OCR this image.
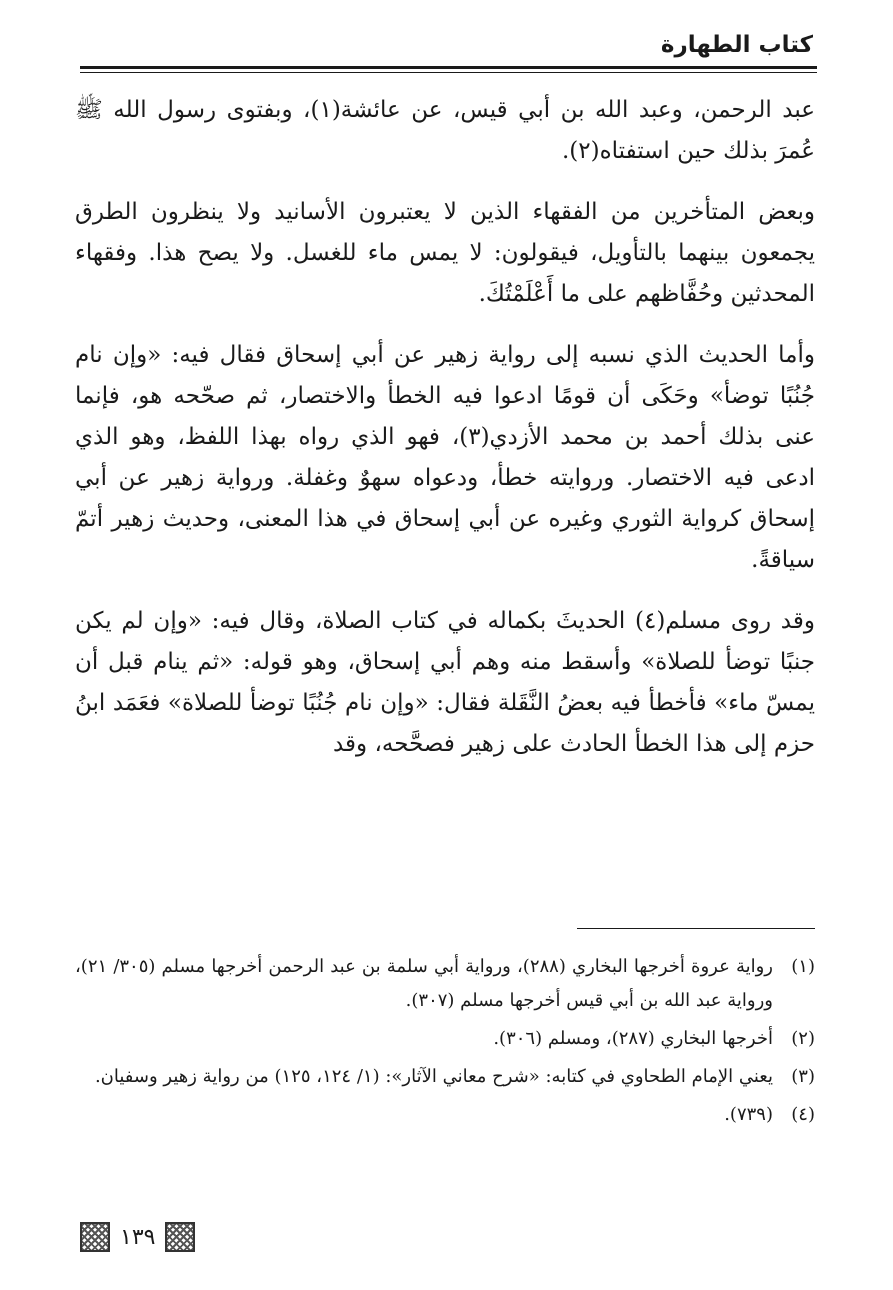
كتاب الطهارة

عبد الرحمن، وعبد الله بن أبي قيس، عن عائشة(١)، وبفتوى رسول الله ﷺ عُمرَ بذلك حين استفتاه(٢).

وبعض المتأخرين من الفقهاء الذين لا يعتبرون الأسانيد ولا ينظرون الطرق يجمعون بينهما بالتأويل، فيقولون: لا يمس ماء للغسل. ولا يصح هذا. وفقهاء المحدثين وحُفَّاظهم على ما أَعْلَمْتُكَ.

وأما الحديث الذي نسبه إلى رواية زهير عن أبي إسحاق فقال فيه: «وإن نام جُنُبًا توضأ» وحَكَى أن قومًا ادعوا فيه الخطأ والاختصار، ثم صحّحه هو، فإنما عنى بذلك أحمد بن محمد الأزدي(٣)، فهو الذي رواه بهذا اللفظ، وهو الذي ادعى فيه الاختصار. وروايته خطأ، ودعواه سهوٌ وغفلة. ورواية زهير عن أبي إسحاق كرواية الثوري وغيره عن أبي إسحاق في هذا المعنى، وحديث زهير أتمّ سياقةً.

وقد روى مسلم(٤) الحديثَ بكماله في كتاب الصلاة، وقال فيه: «وإن لم يكن جنبًا توضأ للصلاة» وأسقط منه وهم أبي إسحاق، وهو قوله: «ثم ينام قبل أن يمسّ ماء» فأخطأ فيه بعضُ النَّقَلة فقال: «وإن نام جُنُبًا توضأ للصلاة» فعَمَد ابنُ حزم إلى هذا الخطأ الحادث على زهير فصحَّحه، وقد

(١)
رواية عروة أخرجها البخاري (٢٨٨)، ورواية أبي سلمة بن عبد الرحمن أخرجها مسلم (٣٠٥/ ٢١)، ورواية عبد الله بن أبي قيس أخرجها مسلم (٣٠٧).
(٢)
أخرجها البخاري (٢٨٧)، ومسلم (٣٠٦).
(٣)
يعني الإمام الطحاوي في كتابه: «شرح معاني الآثار»: (١/ ١٢٤، ١٢٥) من رواية زهير وسفيان.
(٤)
(٧٣٩).
١٣٩
